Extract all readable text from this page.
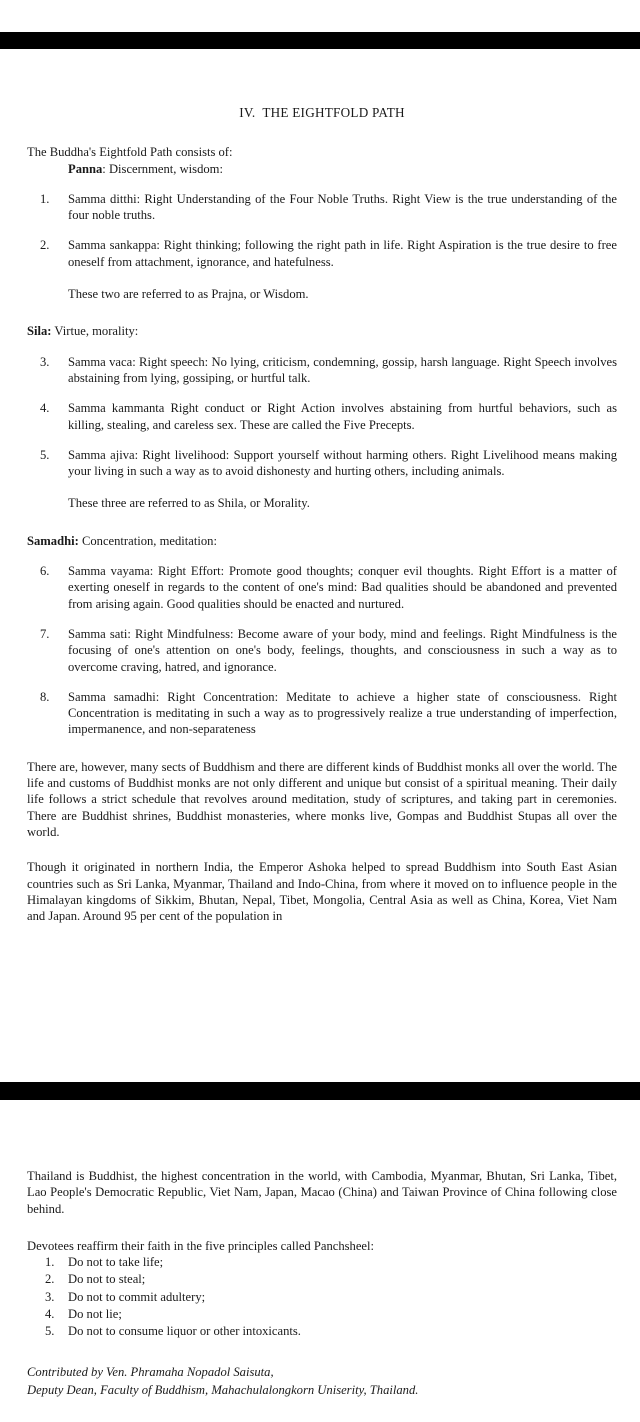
IV.  THE EIGHTFOLD PATH

The Buddha's Eightfold Path consists of:

Panna: Discernment, wisdom:

1.	Samma ditthi: Right Understanding of the Four Noble Truths. Right View is the true understanding of the four noble truths.
2.	Samma sankappa: Right thinking; following the right path in life. Right Aspiration is the true desire to free oneself from attachment, ignorance, and hatefulness.

These two are referred to as Prajna, or Wisdom.

Sila: Virtue, morality:

3.	Samma vaca: Right speech: No lying, criticism, condemning, gossip, harsh language. Right Speech involves abstaining from lying, gossiping, or hurtful talk.
4.	Samma kammanta Right conduct or Right Action involves abstaining from hurtful behaviors, such as killing, stealing, and careless sex. These are called the Five Precepts.
5.	Samma ajiva: Right livelihood: Support yourself without harming others. Right Livelihood means making your living in such a way as to avoid dishonesty and hurting others, including animals.

These three are referred to as Shila, or Morality.

Samadhi: Concentration, meditation:

6.	Samma vayama: Right Effort: Promote good thoughts; conquer evil thoughts. Right Effort is a matter of exerting oneself in regards to the content of one's mind: Bad qualities should be abandoned and prevented from arising again. Good qualities should be enacted and nurtured.
7.	Samma sati: Right Mindfulness: Become aware of your body, mind and feelings. Right Mindfulness is the focusing of one's attention on one's body, feelings, thoughts, and consciousness in such a way as to overcome craving, hatred, and ignorance.
8.	Samma samadhi: Right Concentration: Meditate to achieve a higher state of consciousness. Right Concentration is meditating in such a way as to progressively realize a true understanding of imperfection, impermanence, and non-separateness

There are, however, many sects of Buddhism and there are different kinds of Buddhist monks all over the world. The life and customs of Buddhist monks are not only different and unique but consist of a spiritual meaning. Their daily life follows a strict schedule that revolves around meditation, study of scriptures, and taking part in ceremonies. There are Buddhist shrines, Buddhist monasteries, where monks live, Gompas and Buddhist Stupas all over the world.

Though it originated in northern India, the Emperor Ashoka helped to spread Buddhism into South East Asian countries such as Sri Lanka, Myanmar, Thailand and Indo-China, from where it moved on to influence people in the Himalayan kingdoms of Sikkim, Bhutan, Nepal, Tibet, Mongolia, Central Asia as well as China, Korea, Viet Nam and Japan. Around 95 per cent of the population in

Thailand is Buddhist, the highest concentration in the world, with Cambodia, Myanmar, Bhutan, Sri Lanka, Tibet, Lao People's Democratic Republic, Viet Nam, Japan, Macao (China) and Taiwan Province of China following close behind.

Devotees reaffirm their faith in the five principles called Panchsheel:

1.	Do not to take life;
2.	Do not to steal;
3.	Do not to commit adultery;
4.	Do not lie;
5.	Do not to consume liquor or other intoxicants.
Contributed by Ven. Phramaha Nopadol Saisuta,
Deputy Dean, Faculty of Buddhism, Mahachulalongkorn Uniserity, Thailand.
